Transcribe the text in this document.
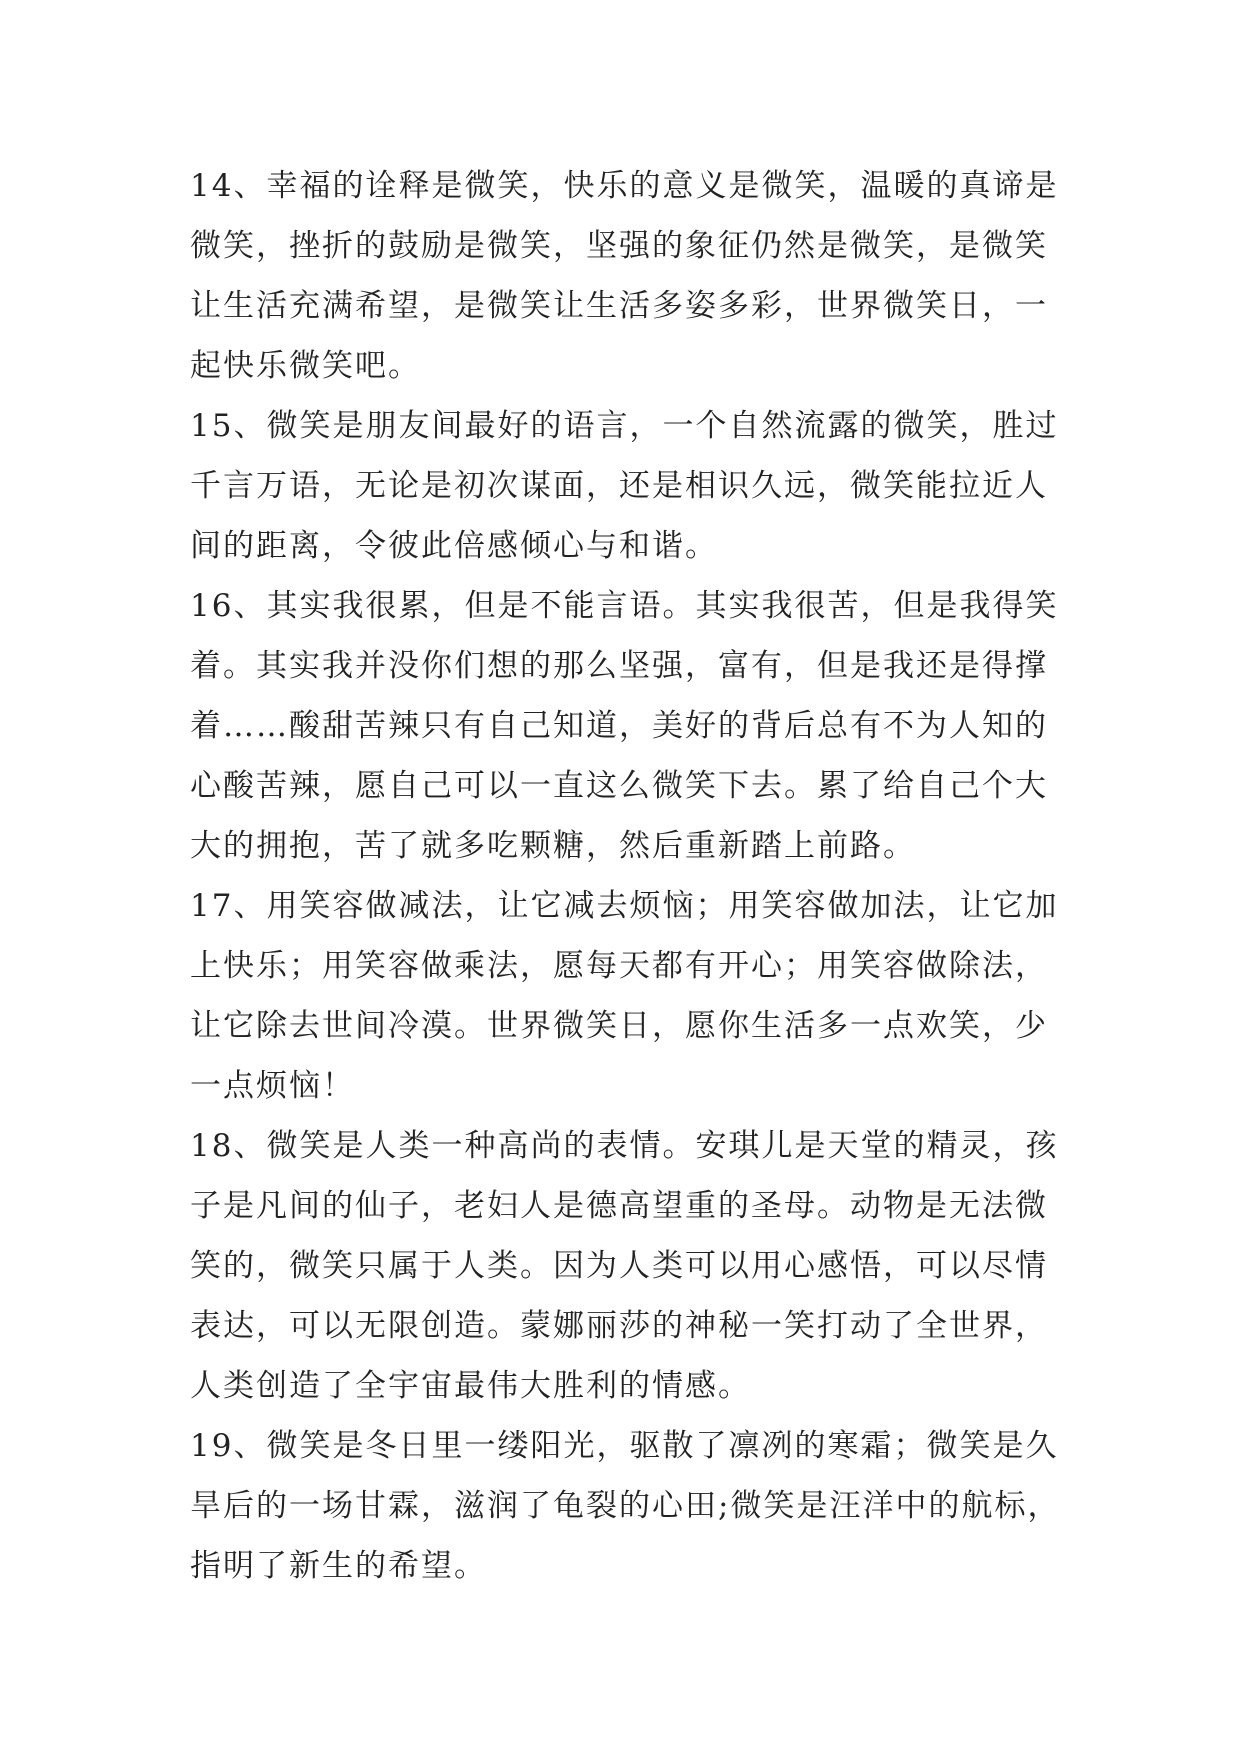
14、幸福的诠释是微笑，快乐的意义是微笑，温暖的真谛是
微笑，挫折的鼓励是微笑，坚强的象征仍然是微笑，是微笑
让生活充满希望，是微笑让生活多姿多彩，世界微笑日，一
起快乐微笑吧。
15、微笑是朋友间最好的语言，一个自然流露的微笑，胜过
千言万语，无论是初次谋面，还是相识久远，微笑能拉近人
间的距离，令彼此倍感倾心与和谐。
16、其实我很累，但是不能言语。其实我很苦，但是我得笑
着。其实我并没你们想的那么坚强，富有，但是我还是得撑
着……酸甜苦辣只有自己知道，美好的背后总有不为人知的
心酸苦辣，愿自己可以一直这么微笑下去。累了给自己个大
大的拥抱，苦了就多吃颗糖，然后重新踏上前路。
17、用笑容做减法，让它减去烦恼；用笑容做加法，让它加
上快乐；用笑容做乘法，愿每天都有开心；用笑容做除法，
让它除去世间冷漠。世界微笑日，愿你生活多一点欢笑，少
一点烦恼！
18、微笑是人类一种高尚的表情。安琪儿是天堂的精灵，孩
子是凡间的仙子，老妇人是德高望重的圣母。动物是无法微
笑的，微笑只属于人类。因为人类可以用心感悟，可以尽情
表达，可以无限创造。蒙娜丽莎的神秘一笑打动了全世界，
人类创造了全宇宙最伟大胜利的情感。
19、微笑是冬日里一缕阳光，驱散了凛冽的寒霜；微笑是久
旱后的一场甘霖，滋润了龟裂的心田;微笑是汪洋中的航标，
指明了新生的希望。
